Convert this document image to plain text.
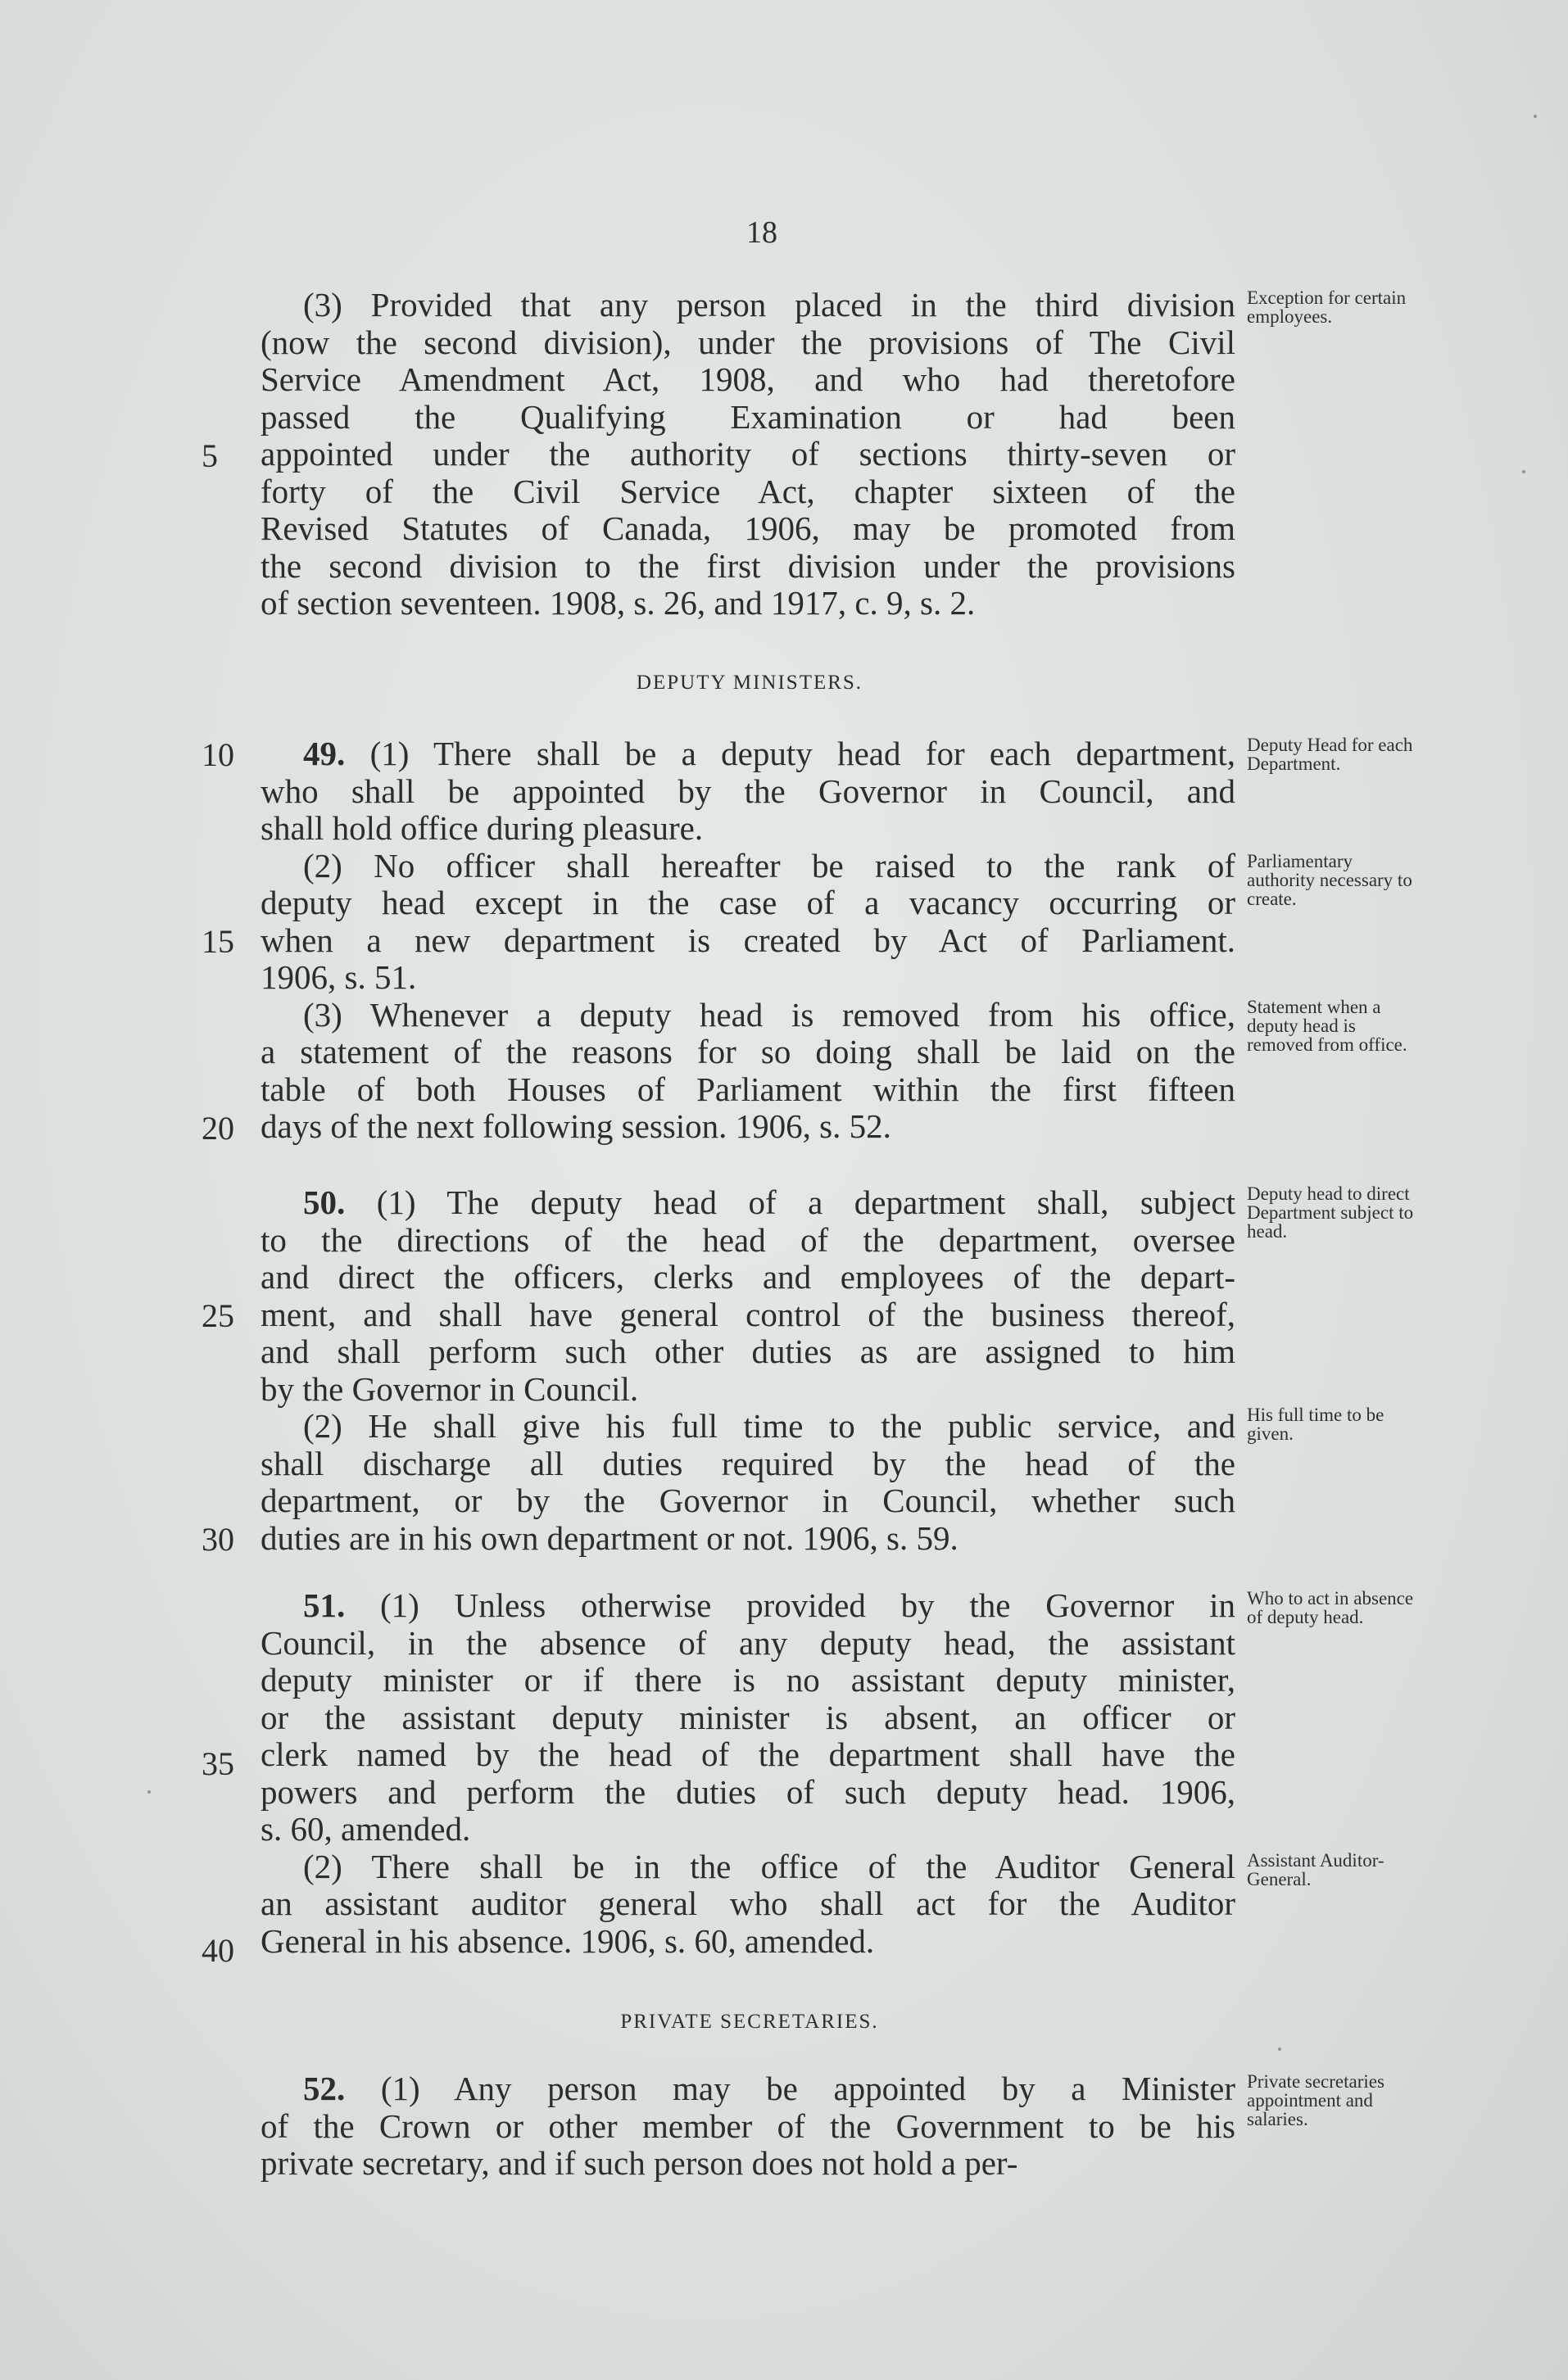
18
(3) Provided that any person placed in the third division
(now the second division), under the provisions of The Civil
Service Amendment Act, 1908, and who had theretofore
passed the Qualifying Examination or had been
appointed under the authority of sections thirty-seven or
forty of the Civil Service Act, chapter sixteen of the
Revised Statutes of Canada, 1906, may be promoted from
the second division to the first division under the provisions
of section seventeen. 1908, s. 26, and 1917, c. 9, s. 2.
49. (1) There shall be a deputy head for each department,
who shall be appointed by the Governor in Council, and
shall hold office during pleasure.
(2) No officer shall hereafter be raised to the rank of
deputy head except in the case of a vacancy occurring or
when a new department is created by Act of Parliament.
1906, s. 51.
(3) Whenever a deputy head is removed from his office,
a statement of the reasons for so doing shall be laid on the
table of both Houses of Parliament within the first fifteen
days of the next following session. 1906, s. 52.
50. (1) The deputy head of a department shall, subject
to the directions of the head of the department, oversee
and direct the officers, clerks and employees of the depart-
ment, and shall have general control of the business thereof,
and shall perform such other duties as are assigned to him
by the Governor in Council.
(2) He shall give his full time to the public service, and
shall discharge all duties required by the head of the
department, or by the Governor in Council, whether such
duties are in his own department or not. 1906, s. 59.
51. (1) Unless otherwise provided by the Governor in
Council, in the absence of any deputy head, the assistant
deputy minister or if there is no assistant deputy minister,
or the assistant deputy minister is absent, an officer or
clerk named by the head of the department shall have the
powers and perform the duties of such deputy head. 1906,
s. 60, amended.
(2) There shall be in the office of the Auditor General
an assistant auditor general who shall act for the Auditor
General in his absence. 1906, s. 60, amended.
52. (1) Any person may be appointed by a Minister
of the Crown or other member of the Government to be his
private secretary, and if such person does not hold a per-
DEPUTY MINISTERS.
PRIVATE SECRETARIES.
5
10
15
20
25
30
35
40
Exception for certain employees.
Deputy Head for each Department.
Parliamentary authority necessary to create.
Statement when a deputy head is removed from office.
Deputy head to direct Department subject to head.
His full time to be given.
Who to act in absence of deputy head.
Assistant Auditor-General.
Private secretaries appointment and salaries.
